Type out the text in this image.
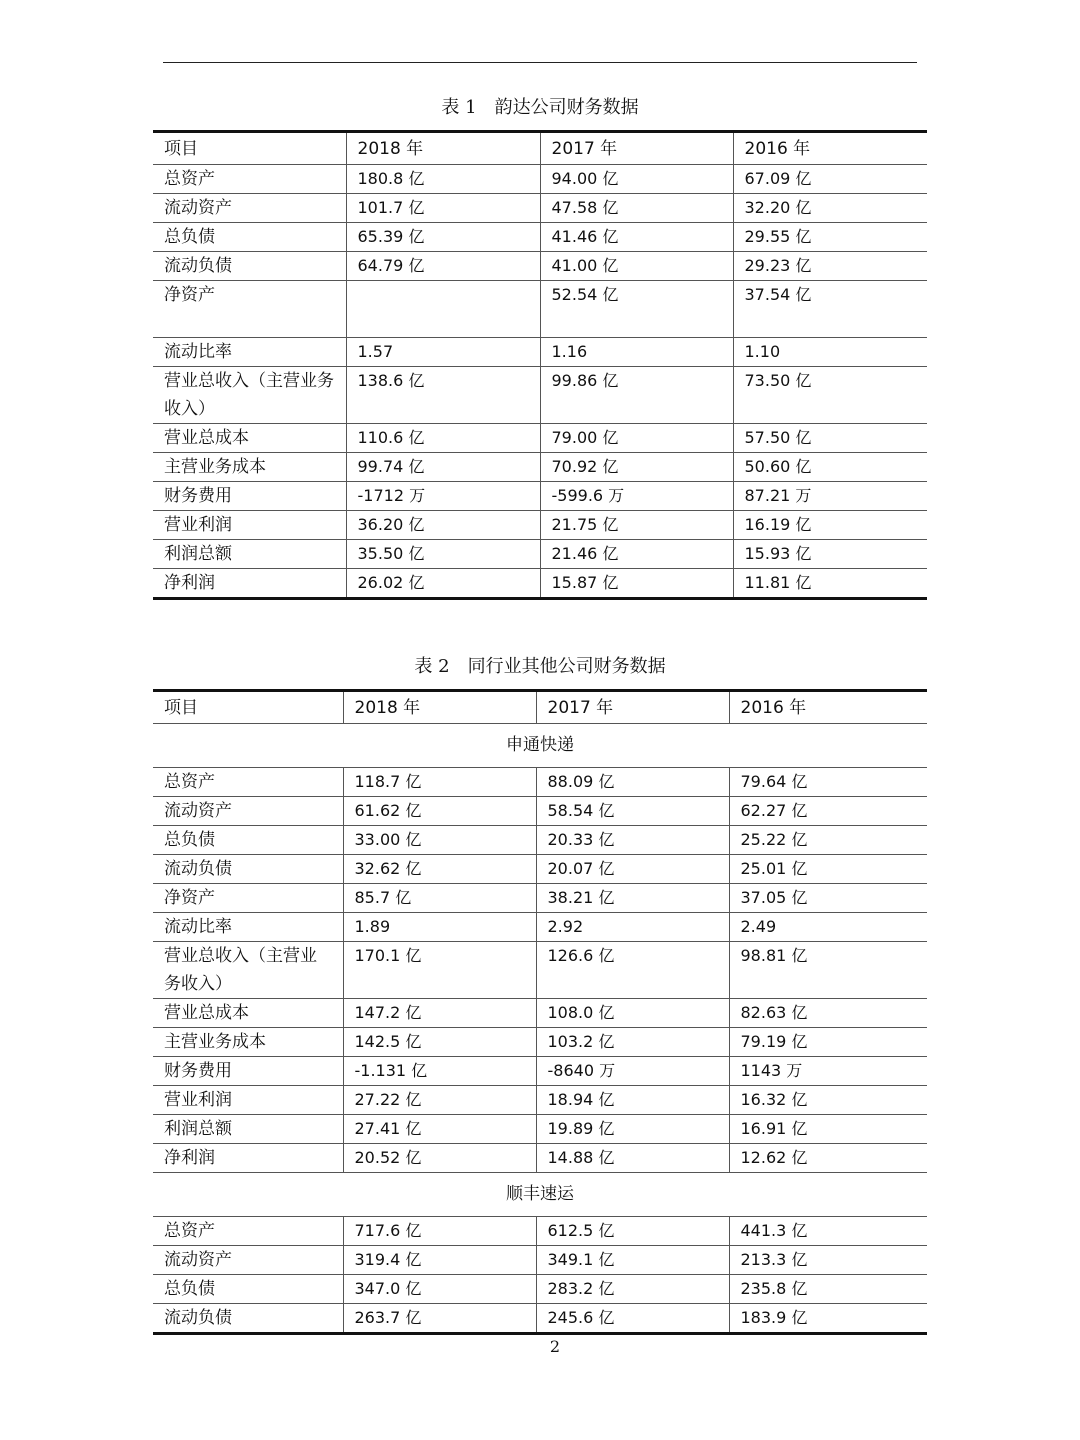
表 1　韵达公司财务数据
项目	2018 年	2017 年	2016 年
总资产	180.8 亿	94.00 亿	67.09 亿
流动资产	101.7 亿	47.58 亿	32.20 亿
总负债	65.39 亿	41.46 亿	29.55 亿
流动负债	64.79 亿	41.00 亿	29.23 亿
净资产		52.54 亿	37.54 亿
流动比率	1.57	1.16	1.10
营业总收入（主营业务收入）	138.6 亿	99.86 亿	73.50 亿
营业总成本	110.6 亿	79.00 亿	57.50 亿
主营业务成本	99.74 亿	70.92 亿	50.60 亿
财务费用	-1712 万	-599.6 万	87.21 万
营业利润	36.20 亿	21.75 亿	16.19 亿
利润总额	35.50 亿	21.46 亿	15.93 亿
净利润	26.02 亿	15.87 亿	11.81 亿
表 2　同行业其他公司财务数据
项目	2018 年	2017 年	2016 年
申通快递			
总资产	118.7 亿	88.09 亿	79.64 亿
流动资产	61.62 亿	58.54 亿	62.27 亿
总负债	33.00 亿	20.33 亿	25.22 亿
流动负债	32.62 亿	20.07 亿	25.01 亿
净资产	85.7 亿	38.21 亿	37.05 亿
流动比率	1.89	2.92	2.49
营业总收入（主营业务收入）	170.1 亿	126.6 亿	98.81 亿
营业总成本	147.2 亿	108.0 亿	82.63 亿
主营业务成本	142.5 亿	103.2 亿	79.19 亿
财务费用	-1.131 亿	-8640 万	1143 万
营业利润	27.22 亿	18.94 亿	16.32 亿
利润总额	27.41 亿	19.89 亿	16.91 亿
净利润	20.52 亿	14.88 亿	12.62 亿
顺丰速运			
总资产	717.6 亿	612.5 亿	441.3 亿
流动资产	319.4 亿	349.1 亿	213.3 亿
总负债	347.0 亿	283.2 亿	235.8 亿
流动负债	263.7 亿	245.6 亿	183.9 亿
2
